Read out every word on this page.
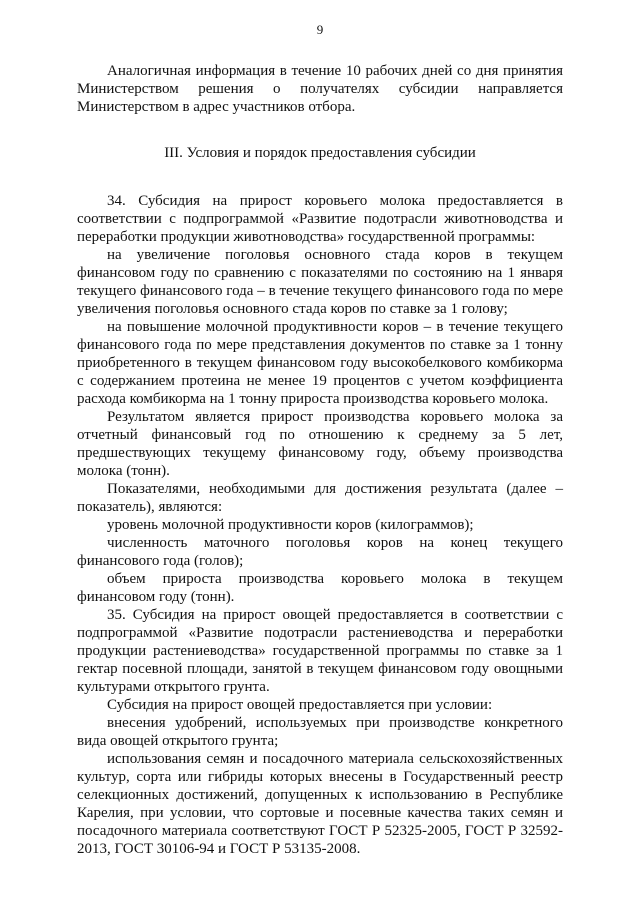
9

Аналогичная информация в течение 10 рабочих дней со дня принятия Министерством решения о получателях субсидии направляется Министерством в адрес участников отбора.

III. Условия и порядок предоставления субсидии

34. Субсидия на прирост коровьего молока предоставляется в соответствии с подпрограммой «Развитие подотрасли животноводства и переработки продукции животноводства» государственной программы:

на увеличение поголовья основного стада коров в текущем финансовом году по сравнению с показателями по состоянию на 1 января текущего финансового года – в течение текущего финансового года по мере увеличения поголовья основного стада коров по ставке за 1 голову;

на повышение молочной продуктивности коров – в течение текущего финансового года по мере представления документов по ставке за 1 тонну приобретенного в текущем финансовом году высокобелкового комбикорма с содержанием протеина не менее 19 процентов с учетом коэффициента расхода комбикорма на 1 тонну прироста производства коровьего молока.

Результатом является прирост производства коровьего молока за отчетный финансовый год по отношению к среднему за 5 лет, предшествующих текущему финансовому году, объему производства молока (тонн).

Показателями, необходимыми для достижения результата (далее – показатель), являются:

уровень молочной продуктивности коров (килограммов);

численность маточного поголовья коров на конец текущего финансового года (голов);

объем прироста производства коровьего молока в текущем финансовом году (тонн).

35. Субсидия на прирост овощей предоставляется в соответствии с подпрограммой «Развитие подотрасли растениеводства и переработки продукции растениеводства» государственной программы по ставке за 1 гектар посевной площади, занятой в текущем финансовом году овощными культурами открытого грунта.

Субсидия на прирост овощей предоставляется при условии:

внесения удобрений, используемых при производстве конкретного вида овощей открытого грунта;

использования семян и посадочного материала сельскохозяйственных культур, сорта или гибриды которых внесены в Государственный реестр селекционных достижений, допущенных к использованию в Республике Карелия, при условии, что сортовые и посевные качества таких семян и посадочного материала соответствуют ГОСТ Р 52325-2005, ГОСТ Р 32592-2013, ГОСТ 30106-94 и ГОСТ Р 53135-2008.
